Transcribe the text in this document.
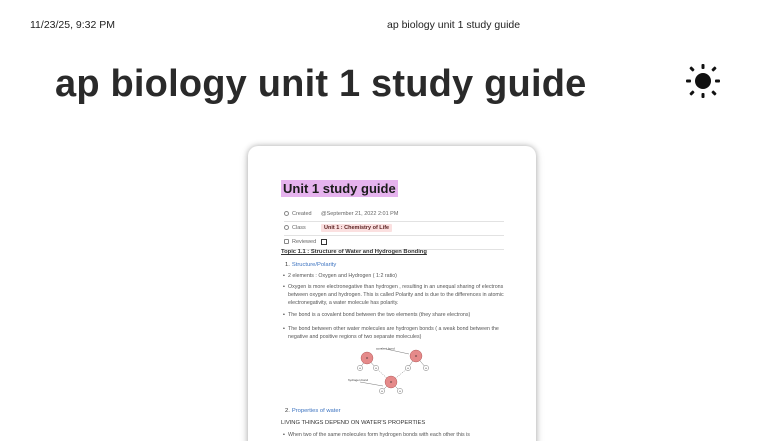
11/23/25, 9:32 PM	ap biology unit 1 study guide
ap biology unit 1 study guide
Unit 1 study guide
Created	@September 21, 2022 2:01 PM
Class	Unit 1 : Chemistry of Life
Reviewed	
Topic 1.1 : Structure of Water and Hydrogen Bonding
1. Structure/Polarity
• 2 elements : Oxygen and Hydrogen ( 1:2 ratio)
• Oxygen is more electronegative than hydrogen , resulting in an unequal sharing of electrons between oxygen and hydrogen. This is called Polarity and is due to the differences in atomic electronegativity, a water molecule has polarity.
• The bond is a covalent bond between the two elements (they share electrons)
• The bond between other water molecules are hydrogen bonds ( a weak bond between the negative and positive regions of two separate molecules)
O	O
O
H	H	H	H
H	H
covalent bond
hydrogen bond
2. Properties of water
LIVING THINGS DEPEND ON WATER'S PROPERTIES
• When two of the same molecules form hydrogen bonds with each other this is
